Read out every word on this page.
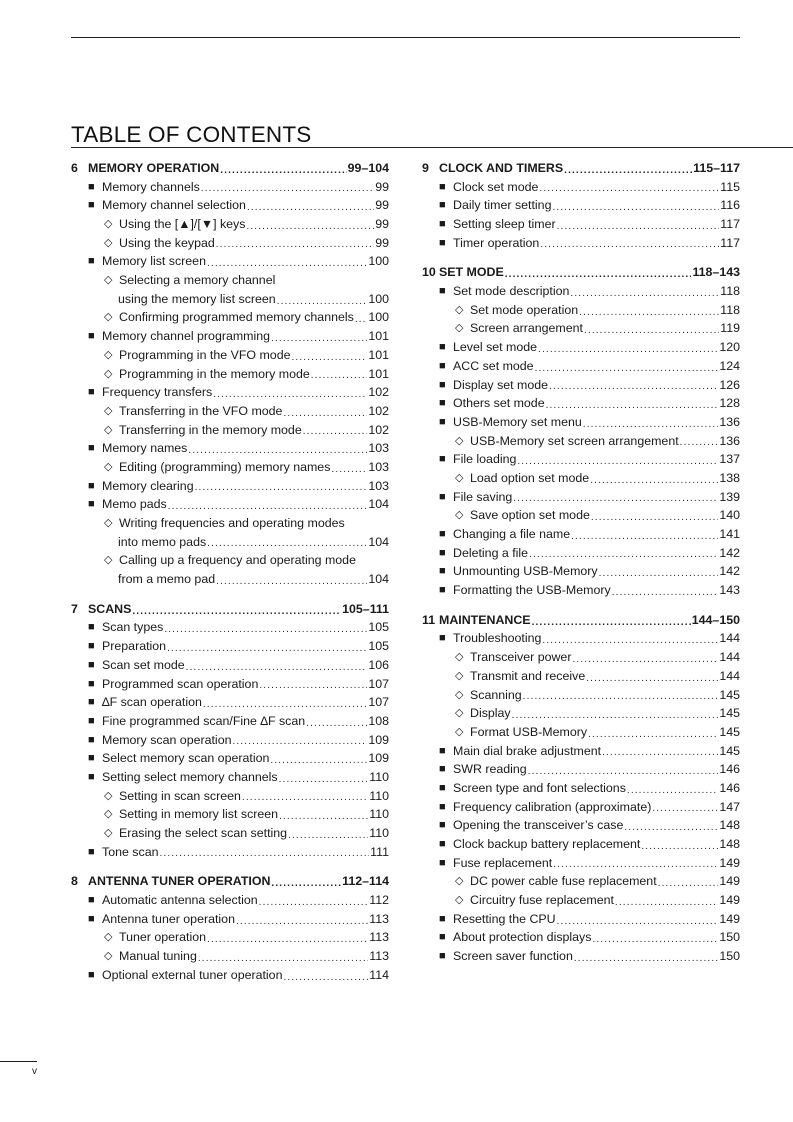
TABLE OF CONTENTS
6 MEMORY OPERATION .....	99–104
■ Memory channels .....	99
■ Memory channel selection .....	99
◇ Using the [▲]/[▼] keys .....	99
◇ Using the keypad .....	99
■ Memory list screen .....	100
◇ Selecting a memory channel
using the memory list screen .....	100
◇ Confirming programmed memory channels ..... 100
■ Memory channel programming .....	101
◇ Programming in the VFO mode .....	101
◇ Programming in the memory mode .....	101
■ Frequency transfers .....	102
◇ Transferring in the VFO mode .....	102
◇ Transferring in the memory mode .....	102
■ Memory names .....	103
◇ Editing (programming) memory names .....	103
■ Memory clearing .....	103
■ Memo pads .....	104
◇ Writing frequencies and operating modes
into memo pads .....	104
◇ Calling up a frequency and operating mode
from a memo pad .....	104
7 SCANS .....	105–111
■ Scan types .....	105
■ Preparation .....	105
■ Scan set mode .....	106
■ Programmed scan operation .....	107
■ ∆F scan operation .....	107
■ Fine programmed scan/Fine ∆F scan .....	108
■ Memory scan operation .....	109
■ Select memory scan operation .....	109
■ Setting select memory channels .....	110
◇ Setting in scan screen .....	110
◇ Setting in memory list screen .....	110
◇ Erasing the select scan setting .....	110
■ Tone scan .....	111
8 ANTENNA TUNER OPERATION .....	112–114
■ Automatic antenna selection .....	112
■ Antenna tuner operation .....	113
◇ Tuner operation .....	113
◇ Manual tuning .....	113
■ Optional external tuner operation .....	114
9 CLOCK AND TIMERS .....	115–117
■ Clock set mode .....	115
■ Daily timer setting .....	116
■ Setting sleep timer .....	117
■ Timer operation .....	117
10 SET MODE .....	118–143
■ Set mode description .....	118
◇ Set mode operation .....	118
◇ Screen arrangement .....	119
■ Level set mode .....	120
■ ACC set mode .....	124
■ Display set mode .....	126
■ Others set mode .....	128
■ USB-Memory set menu .....	136
◇ USB-Memory set screen arrangement .....	136
■ File loading .....	137
◇ Load option set mode .....	138
■ File saving .....	139
◇ Save option set mode .....	140
■ Changing a file name .....	141
■ Deleting a file .....	142
■ Unmounting USB-Memory .....	142
■ Formatting the USB-Memory .....	143
11 MAINTENANCE .....	144–150
■ Troubleshooting .....	144
◇ Transceiver power .....	144
◇ Transmit and receive .....	144
◇ Scanning .....	145
◇ Display .....	145
◇ Format USB-Memory .....	145
■ Main dial brake adjustment .....	145
■ SWR reading .....	146
■ Screen type and font selections .....	146
■ Frequency calibration (approximate) .....	147
■ Opening the transceiver’s case .....	148
■ Clock backup battery replacement .....	148
■ Fuse replacement .....	149
◇ DC power cable fuse replacement .....	149
◇ Circuitry fuse replacement .....	149
■ Resetting the CPU .....	149
■ About protection displays .....	150
■ Screen saver function .....	150
v
